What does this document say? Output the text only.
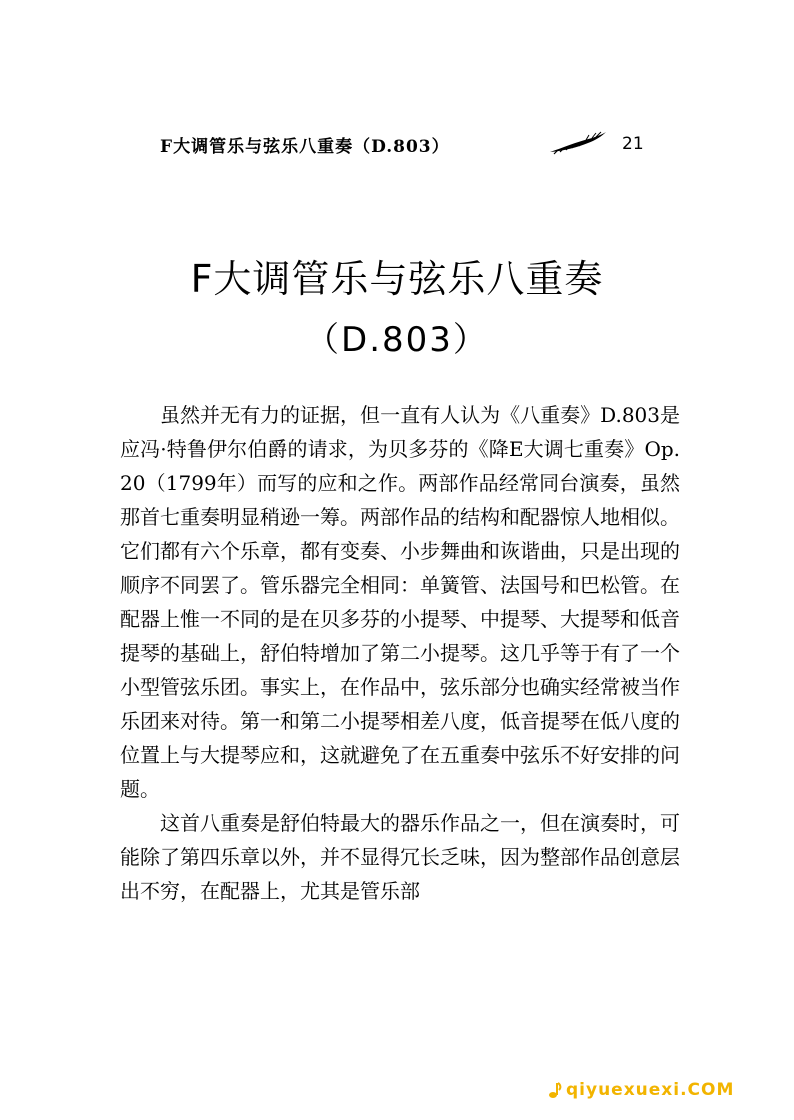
F大调管乐与弦乐八重奏（D.803）	21
F大调管乐与弦乐八重奏
（D.803）

虽然并无有力的证据，但一直有人认为《八重奏》D.803是应冯·特鲁伊尔伯爵的请求，为贝多芬的《降E大调七重奏》Op.20（1799年）而写的应和之作。两部作品经常同台演奏，虽然那首七重奏明显稍逊一筹。两部作品的结构和配器惊人地相似。它们都有六个乐章，都有变奏、小步舞曲和诙谐曲，只是出现的顺序不同罢了。管乐器完全相同：单簧管、法国号和巴松管。在配器上惟一不同的是在贝多芬的小提琴、中提琴、大提琴和低音提琴的基础上，舒伯特增加了第二小提琴。这几乎等于有了一个小型管弦乐团。事实上，在作品中，弦乐部分也确实经常被当作乐团来对待。第一和第二小提琴相差八度，低音提琴在低八度的位置上与大提琴应和，这就避免了在五重奏中弦乐不好安排的问题。

这首八重奏是舒伯特最大的器乐作品之一，但在演奏时，可能除了第四乐章以外，并不显得冗长乏味，因为整部作品创意层出不穷，在配器上，尤其是管乐部

qiyuexuexi.COM
